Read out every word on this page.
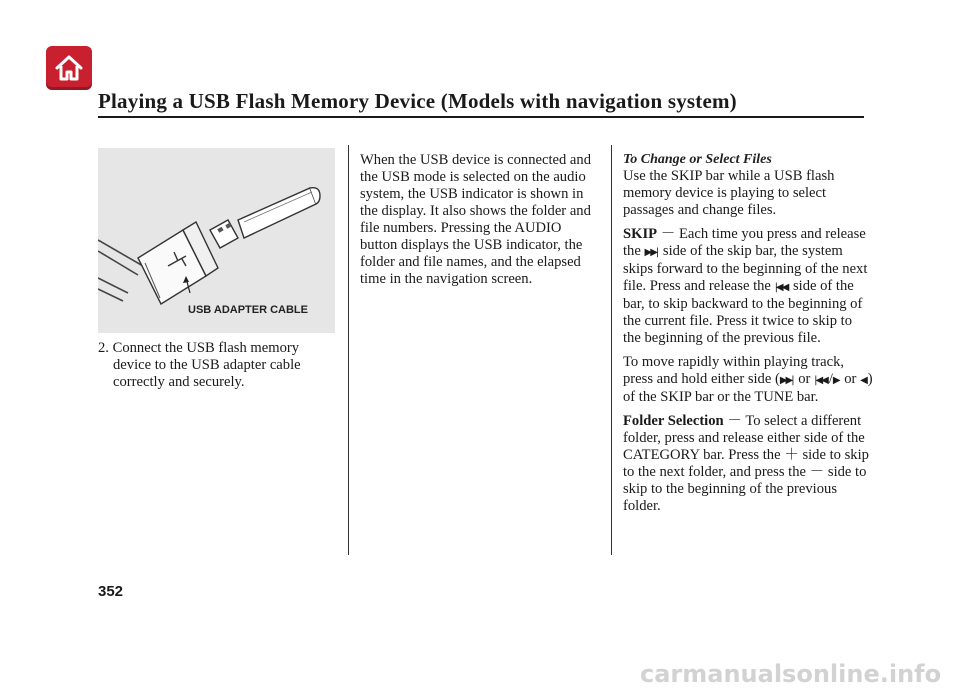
Playing a USB Flash Memory Device (Models with navigation system)
USB ADAPTER CABLE
2. Connect the USB flash memory
device to the USB adapter cable
correctly and securely.
When the USB device is connected and the USB mode is selected on the audio system, the USB indicator is shown in the display. It also shows the folder and file numbers. Pressing the AUDIO button displays the USB indicator, the folder and file names, and the elapsed time in the navigation screen.
To Change or Select Files

Use the SKIP bar while a USB flash memory device is playing to select passages and change files.

SKIP － Each time you press and release the ▶▶| side of the skip bar, the system skips forward to the beginning of the next file. Press and release the |◀◀ side of the bar, to skip backward to the beginning of the current file. Press it twice to skip to the beginning of the previous file.

To move rapidly within playing track, press and hold either side (▶▶| or |◀◀ /▶ or ◀ ) of the SKIP bar or the TUNE bar.

Folder Selection － To select a different folder, press and release either side of the CATEGORY bar. Press the ＋ side to skip to the next folder, and press the － side to skip to the beginning of the previous folder.

352
carmanualsonline.info
